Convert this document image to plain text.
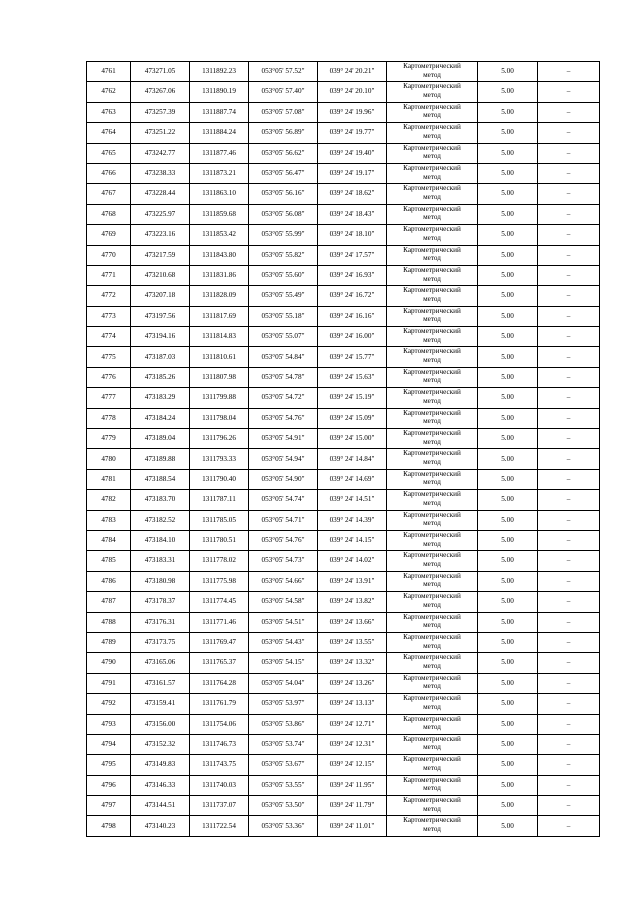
4761	473271.05	1311892.23	053°05' 57.52"	039° 24' 20.21"	Картометрический
метод	5.00	–
4762	473267.06	1311890.19	053°05' 57.40"	039° 24' 20.10"	Картометрический
метод	5.00	–
4763	473257.39	1311887.74	053°05' 57.08"	039° 24' 19.96"	Картометрический
метод	5.00	–
4764	473251.22	1311884.24	053°05' 56.89"	039° 24' 19.77"	Картометрический
метод	5.00	–
4765	473242.77	1311877.46	053°05' 56.62"	039° 24' 19.40"	Картометрический
метод	5.00	–
4766	473238.33	1311873.21	053°05' 56.47"	039° 24' 19.17"	Картометрический
метод	5.00	–
4767	473228.44	1311863.10	053°05' 56.16"	039° 24' 18.62"	Картометрический
метод	5.00	–
4768	473225.97	1311859.68	053°05' 56.08"	039° 24' 18.43"	Картометрический
метод	5.00	–
4769	473223.16	1311853.42	053°05' 55.99"	039° 24' 18.10"	Картометрический
метод	5.00	–
4770	473217.59	1311843.80	053°05' 55.82"	039° 24' 17.57"	Картометрический
метод	5.00	–
4771	473210.68	1311831.86	053°05' 55.60"	039° 24' 16.93"	Картометрический
метод	5.00	–
4772	473207.18	1311828.09	053°05' 55.49"	039° 24' 16.72"	Картометрический
метод	5.00	–
4773	473197.56	1311817.69	053°05' 55.18"	039° 24' 16.16"	Картометрический
метод	5.00	–
4774	473194.16	1311814.83	053°05' 55.07"	039° 24' 16.00"	Картометрический
метод	5.00	–
4775	473187.03	1311810.61	053°05' 54.84"	039° 24' 15.77"	Картометрический
метод	5.00	–
4776	473185.26	1311807.98	053°05' 54.78"	039° 24' 15.63"	Картометрический
метод	5.00	–
4777	473183.29	1311799.88	053°05' 54.72"	039° 24' 15.19"	Картометрический
метод	5.00	–
4778	473184.24	1311798.04	053°05' 54.76"	039° 24' 15.09"	Картометрический
метод	5.00	–
4779	473189.04	1311796.26	053°05' 54.91"	039° 24' 15.00"	Картометрический
метод	5.00	–
4780	473189.88	1311793.33	053°05' 54.94"	039° 24' 14.84"	Картометрический
метод	5.00	–
4781	473188.54	1311790.40	053°05' 54.90"	039° 24' 14.69"	Картометрический
метод	5.00	–
4782	473183.70	1311787.11	053°05' 54.74"	039° 24' 14.51"	Картометрический
метод	5.00	–
4783	473182.52	1311785.05	053°05' 54.71"	039° 24' 14.39"	Картометрический
метод	5.00	–
4784	473184.10	1311780.51	053°05' 54.76"	039° 24' 14.15"	Картометрический
метод	5.00	–
4785	473183.31	1311778.02	053°05' 54.73"	039° 24' 14.02"	Картометрический
метод	5.00	–
4786	473180.98	1311775.98	053°05' 54.66"	039° 24' 13.91"	Картометрический
метод	5.00	–
4787	473178.37	1311774.45	053°05' 54.58"	039° 24' 13.82"	Картометрический
метод	5.00	–
4788	473176.31	1311771.46	053°05' 54.51"	039° 24' 13.66"	Картометрический
метод	5.00	–
4789	473173.75	1311769.47	053°05' 54.43"	039° 24' 13.55"	Картометрический
метод	5.00	–
4790	473165.06	1311765.37	053°05' 54.15"	039° 24' 13.32"	Картометрический
метод	5.00	–
4791	473161.57	1311764.28	053°05' 54.04"	039° 24' 13.26"	Картометрический
метод	5.00	–
4792	473159.41	1311761.79	053°05' 53.97"	039° 24' 13.13"	Картометрический
метод	5.00	–
4793	473156.00	1311754.06	053°05' 53.86"	039° 24' 12.71"	Картометрический
метод	5.00	–
4794	473152.32	1311746.73	053°05' 53.74"	039° 24' 12.31"	Картометрический
метод	5.00	–
4795	473149.83	1311743.75	053°05' 53.67"	039° 24' 12.15"	Картометрический
метод	5.00	–
4796	473146.33	1311740.03	053°05' 53.55"	039° 24' 11.95"	Картометрический
метод	5.00	–
4797	473144.51	1311737.07	053°05' 53.50"	039° 24' 11.79"	Картометрический
метод	5.00	–
4798	473140.23	1311722.54	053°05' 53.36"	039° 24' 11.01"	Картометрический
метод	5.00	–
